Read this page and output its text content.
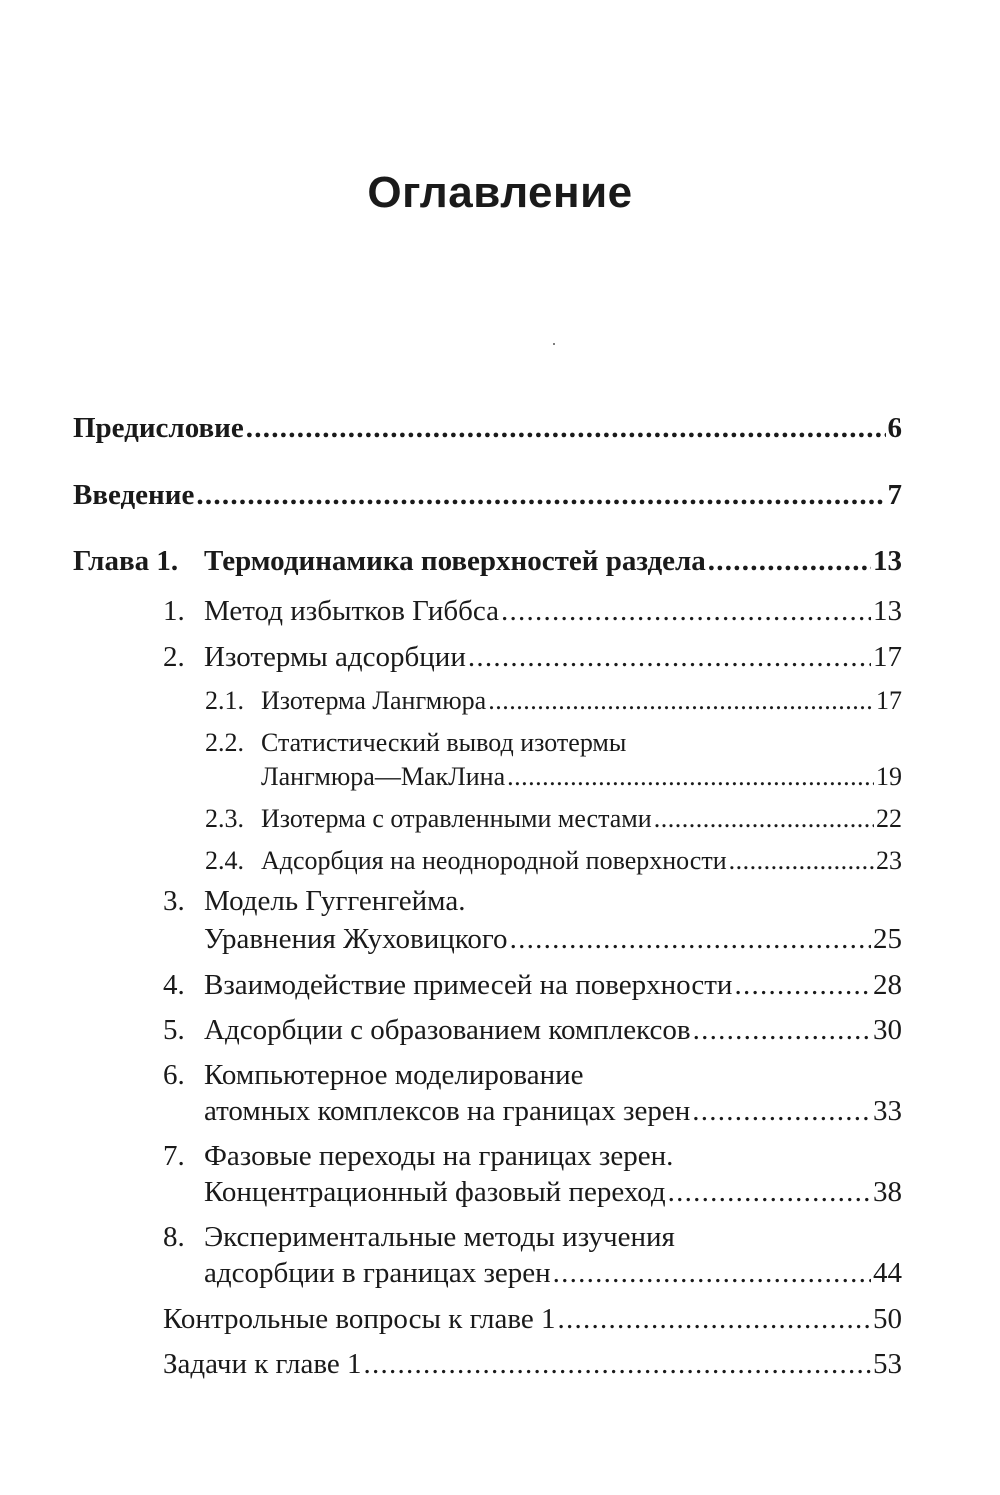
Оглавление
Предисловие . . .	6
Введение . . .	7
Глава 1. Термодинамика поверхностей раздела . . .	13
1. Метод избытков Гиббса . . .	13
2. Изотермы адсорбции . . .	17
2.1. Изотерма Лангмюра . . .	17
2.2. Статистический вывод изотермы
Лангмюра—МакЛина . . .	19
2.3. Изотерма с отравленными местами . . .	22
2.4. Адсорбция на неоднородной поверхности . . .	23
3. Модель Гуггенгейма.
Уравнения Жуховицкого . . .	25
4. Взаимодействие примесей на поверхности . . .	28
5. Адсорбции с образованием комплексов . . .	30
6. Компьютерное моделирование
атомных комплексов на границах зерен . . .	33
7. Фазовые переходы на границах зерен.
Концентрационный фазовый переход . . .	38
8. Экспериментальные методы изучения
адсорбции в границах зерен . . .	44
Контрольные вопросы к главе 1 . . .	50
Задачи к главе 1 . . .	53
